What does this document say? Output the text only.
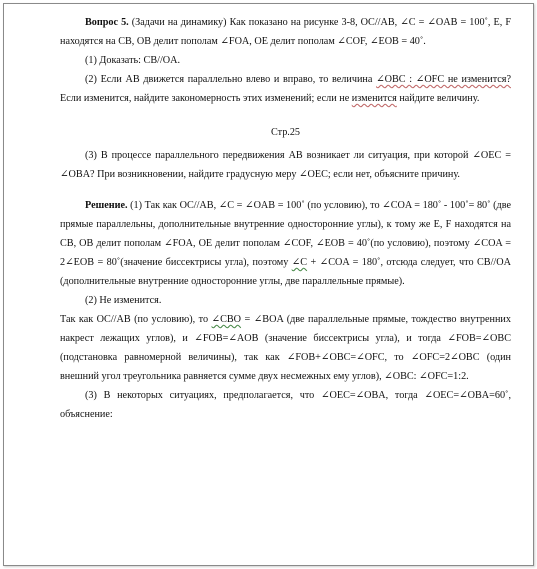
Вопрос 5. (Задачи на динамику) Как показано на рисунке 3-8, OC//AB, ∠C = ∠OAB = 100˚, E, F находятся на CB, OB делит пополам ∠FOA, OE делит пополам ∠COF, ∠EOB = 40˚.

(1) Доказать: CB//OA.

(2) Если AB движется параллельно влево и вправо, то величина ∠OBC : ∠OFC не изменится? Если изменится, найдите закономерность этих изменений; если не изменится найдите величину.

Стр.25

(3) В процессе параллельного передвижения AB возникает ли ситуация, при которой ∠OEC = ∠OBA? При возникновении, найдите градусную меру ∠OEC; если нет, объясните причину.

Решение. (1) Так как OC//AB, ∠C = ∠OAB = 100˚ (по условию), то ∠COA = 180˚ - 100˚= 80˚ (две прямые параллельны, дополнительные внутренние односторонние углы), к тому же E, F находятся на CB, OB делит пополам ∠FOA, OE делит пополам ∠COF, ∠EOB = 40˚(по условию), поэтому ∠COA = 2∠EOB = 80˚(значение биссектрисы угла), поэтому ∠C + ∠COA = 180˚, отсюда следует, что CB//OA (дополнительные внутренние односторонние углы, две параллельные прямые).

(2) Не изменится.

Так как OC//AB (по условию), то ∠CBO = ∠BOA (две параллельные прямые, тождество внутренних накрест лежащих углов), и ∠FOB=∠AOB (значение биссектрисы угла), и тогда ∠FOB=∠OBC (подстановка равномерной величины), так как ∠FOB+∠OBC=∠OFC, то ∠OFC=2∠OBC (один внешний угол треугольника равняется сумме двух несмежных ему углов), ∠OBC: ∠OFC=1:2.

(3) В некоторых ситуациях, предполагается, что ∠OEC=∠OBA, тогда ∠OEC=∠OBA=60˚, объяснение:
